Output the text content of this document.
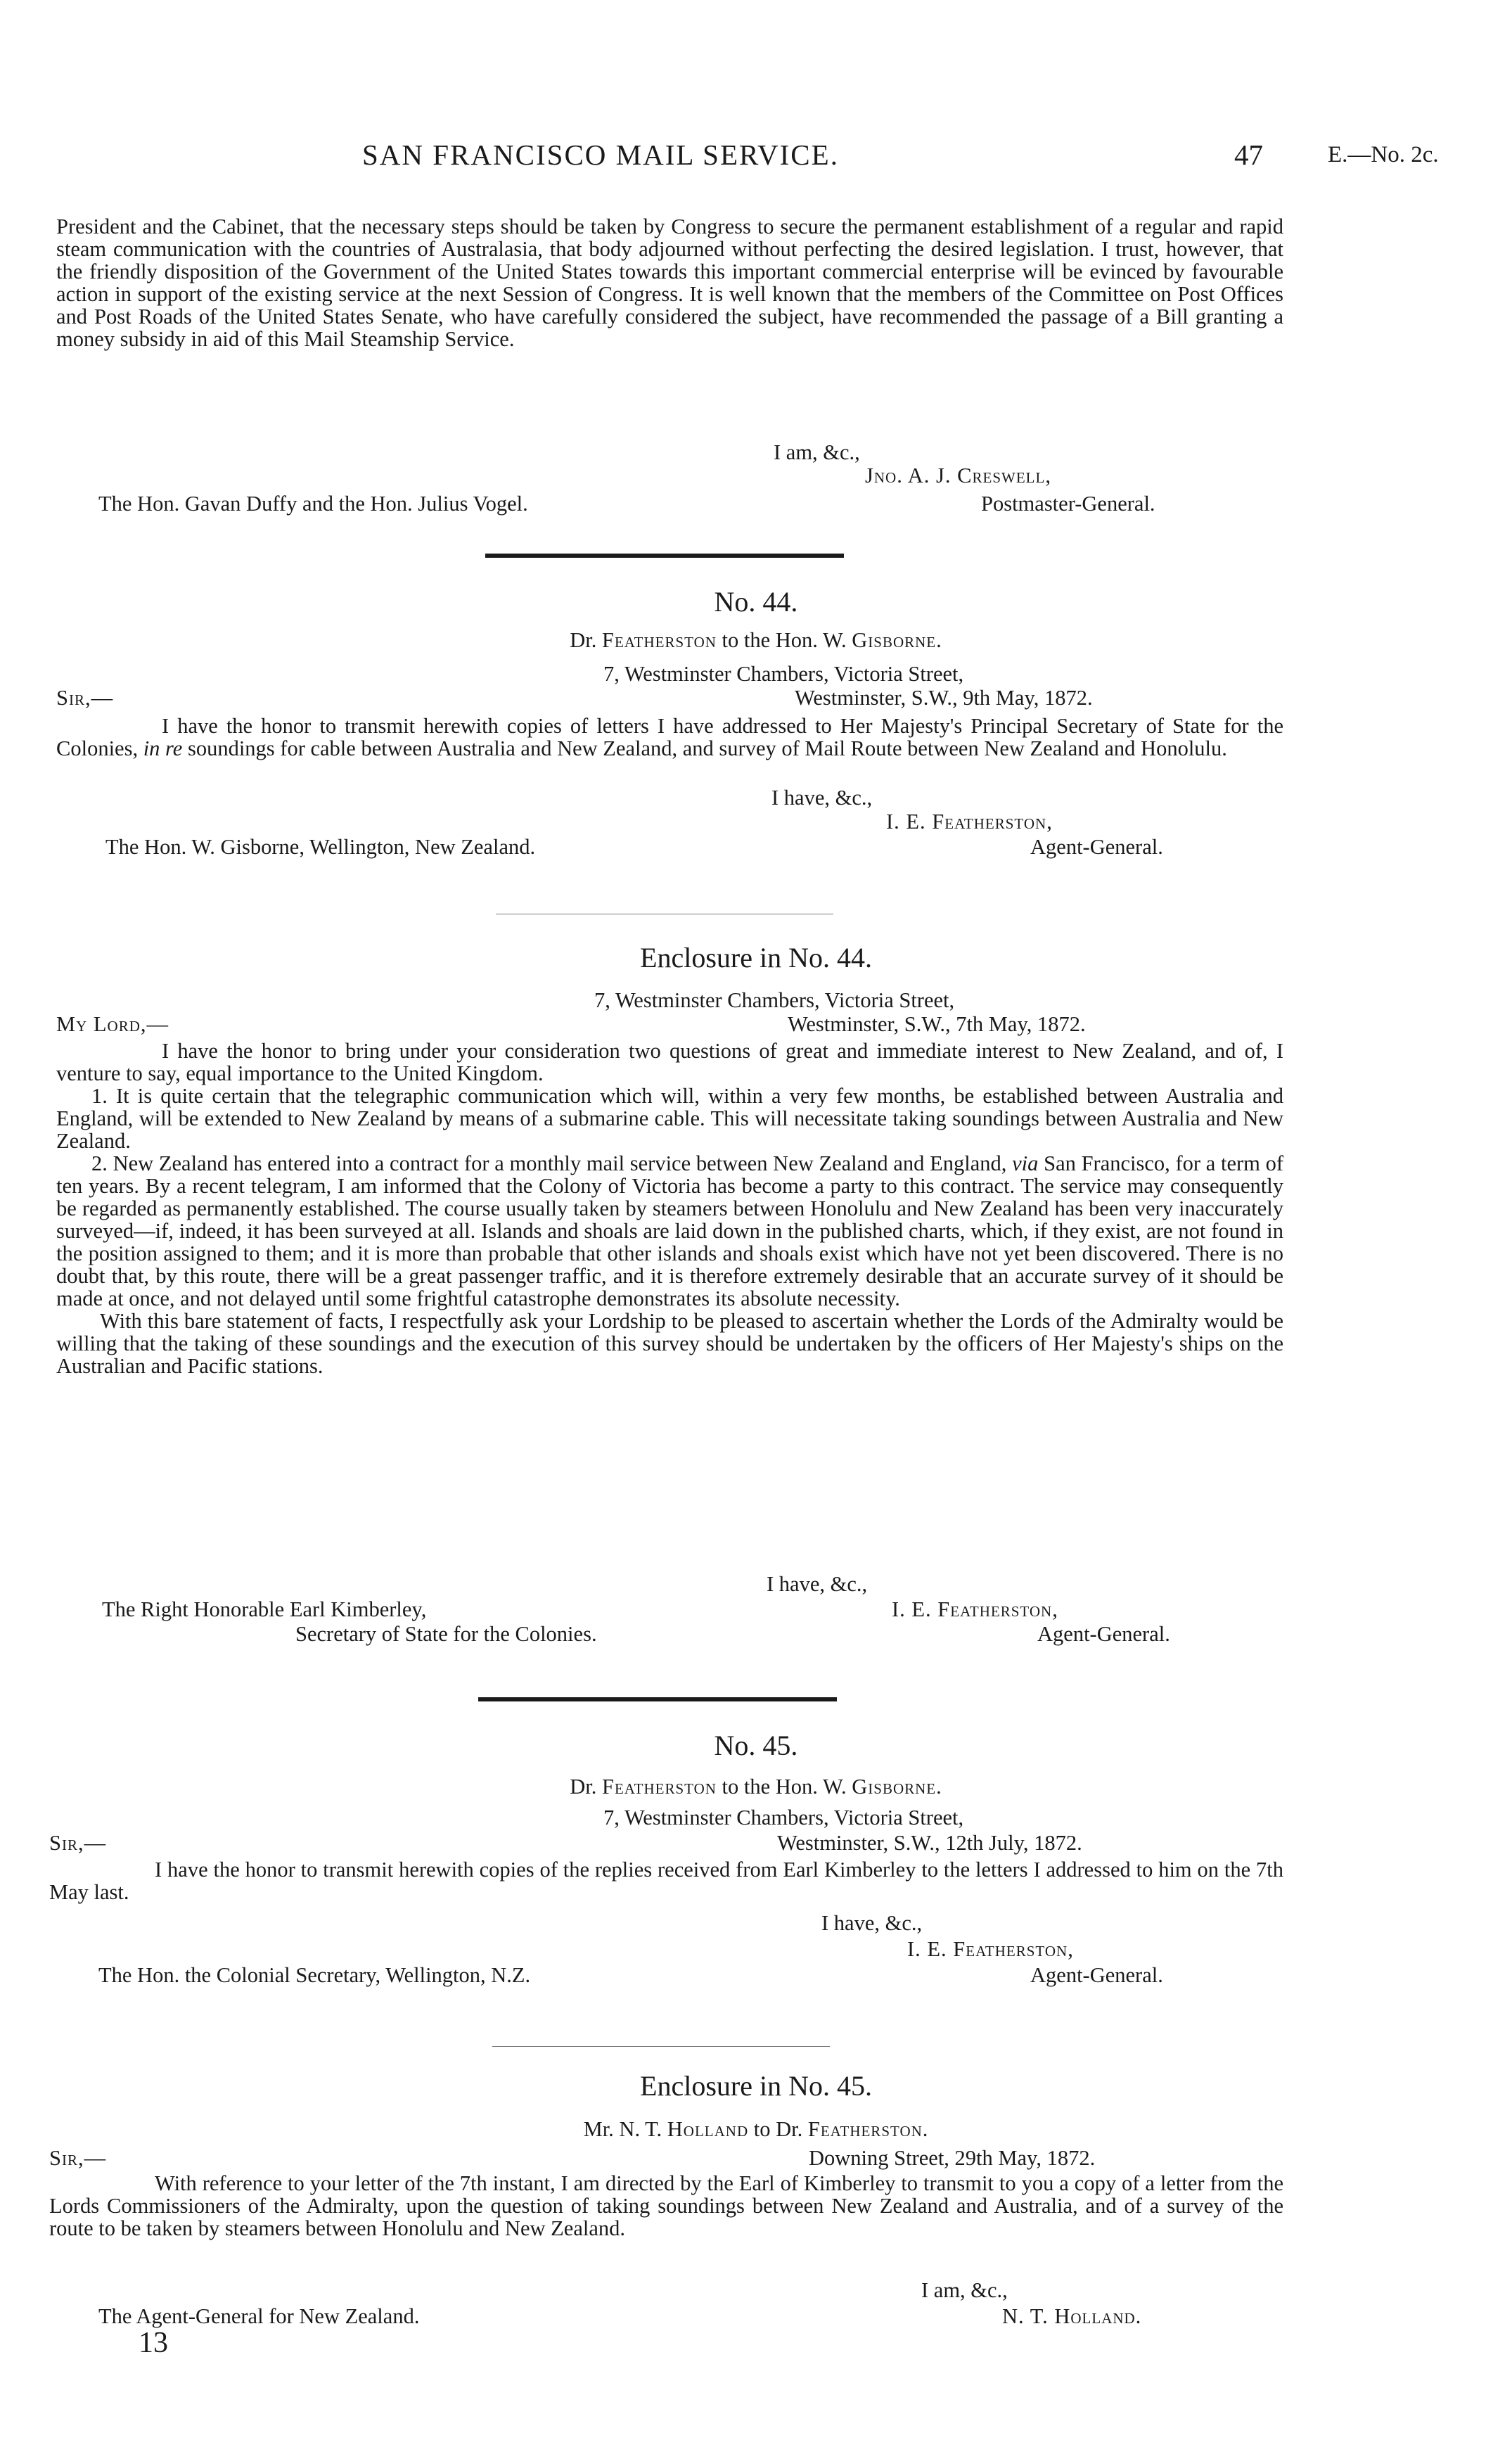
SAN FRANCISCO MAIL SERVICE.	47	E.—No. 2c.

President and the Cabinet, that the necessary steps should be taken by Congress to secure the permanent establishment of a regular and rapid steam communication with the countries of Australasia, that body adjourned without perfecting the desired legislation. I trust, however, that the friendly disposition of the Government of the United States towards this important commercial enterprise will be evinced by favourable action in support of the existing service at the next Session of Congress. It is well known that the members of the Committee on Post Offices and Post Roads of the United States Senate, who have carefully considered the subject, have recommended the passage of a Bill granting a money subsidy in aid of this Mail Steamship Service.

I am, &c.,
Jno. A. J. Creswell,
The Hon. Gavan Duffy and the Hon. Julius Vogel.	Postmaster-General.
No. 44.
Dr. Featherston to the Hon. W. Gisborne.
7, Westminster Chambers, Victoria Street,
Sir,—	Westminster, S.W., 9th May, 1872.

I have the honor to transmit herewith copies of letters I have addressed to Her Majesty's Principal Secretary of State for the Colonies, in re soundings for cable between Australia and New Zealand, and survey of Mail Route between New Zealand and Honolulu.

I have, &c.,
I. E. Featherston,
The Hon. W. Gisborne, Wellington, New Zealand.	Agent-General.
Enclosure in No. 44.
7, Westminster Chambers, Victoria Street,
My Lord,—	Westminster, S.W., 7th May, 1872.

I have the honor to bring under your consideration two questions of great and immediate interest to New Zealand, and of, I venture to say, equal importance to the United Kingdom.

1. It is quite certain that the telegraphic communication which will, within a very few months, be established between Australia and England, will be extended to New Zealand by means of a submarine cable. This will necessitate taking soundings between Australia and New Zealand.

2. New Zealand has entered into a contract for a monthly mail service between New Zealand and England, via San Francisco, for a term of ten years. By a recent telegram, I am informed that the Colony of Victoria has become a party to this contract. The service may consequently be regarded as permanently established. The course usually taken by steamers between Honolulu and New Zealand has been very inaccurately surveyed—if, indeed, it has been surveyed at all. Islands and shoals are laid down in the published charts, which, if they exist, are not found in the position assigned to them; and it is more than probable that other islands and shoals exist which have not yet been discovered. There is no doubt that, by this route, there will be a great passenger traffic, and it is therefore extremely desirable that an accurate survey of it should be made at once, and not delayed until some frightful catastrophe demonstrates its absolute necessity.

With this bare statement of facts, I respectfully ask your Lordship to be pleased to ascertain whether the Lords of the Admiralty would be willing that the taking of these soundings and the execution of this survey should be undertaken by the officers of Her Majesty's ships on the Australian and Pacific stations.

I have, &c.,
The Right Honorable Earl Kimberley,	I. E. Featherston,
Secretary of State for the Colonies.	Agent-General.
No. 45.
Dr. Featherston to the Hon. W. Gisborne.
7, Westminster Chambers, Victoria Street,
Sir,—	Westminster, S.W., 12th July, 1872.

I have the honor to transmit herewith copies of the replies received from Earl Kimberley to the letters I addressed to him on the 7th May last.

I have, &c.,
I. E. Featherston,
The Hon. the Colonial Secretary, Wellington, N.Z.	Agent-General.
Enclosure in No. 45.
Mr. N. T. Holland to Dr. Featherston.
Sir,—	Downing Street, 29th May, 1872.

With reference to your letter of the 7th instant, I am directed by the Earl of Kimberley to transmit to you a copy of a letter from the Lords Commissioners of the Admiralty, upon the question of taking soundings between New Zealand and Australia, and of a survey of the route to be taken by steamers between Honolulu and New Zealand.

I am, &c.,
The Agent-General for New Zealand.	N. T. Holland.
13
